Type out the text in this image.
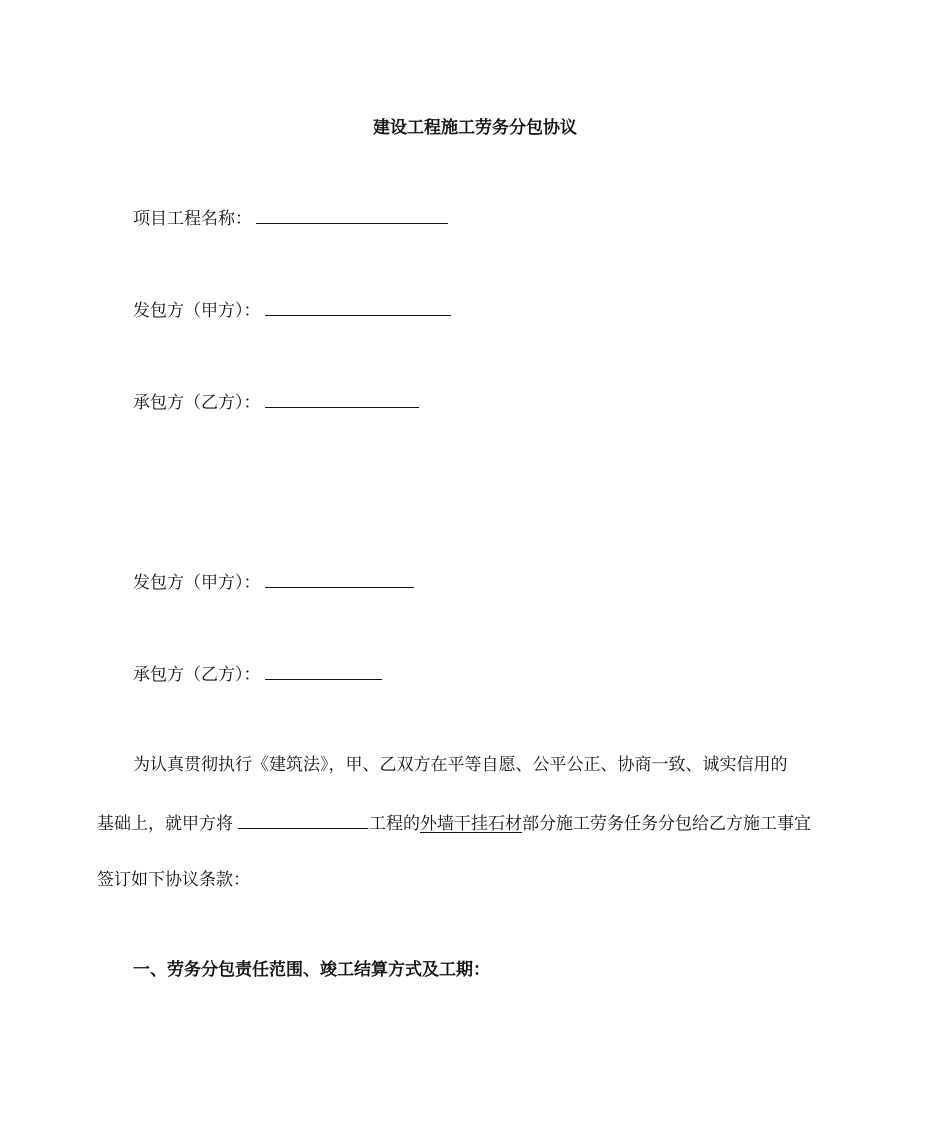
建设工程施工劳务分包协议
项目工程名称：
发包方（甲方）：
承包方（乙方）：
发包方（甲方）：
承包方（乙方）：
为认真贯彻执行《建筑法》，甲、乙双方在平等自愿、公平公正、协商一致、诚实信用的
基础上，就甲方将	工程的外墙干挂石材部分施工劳务任务分包给乙方施工事宜
签订如下协议条款：
一、劳务分包责任范围、竣工结算方式及工期：
